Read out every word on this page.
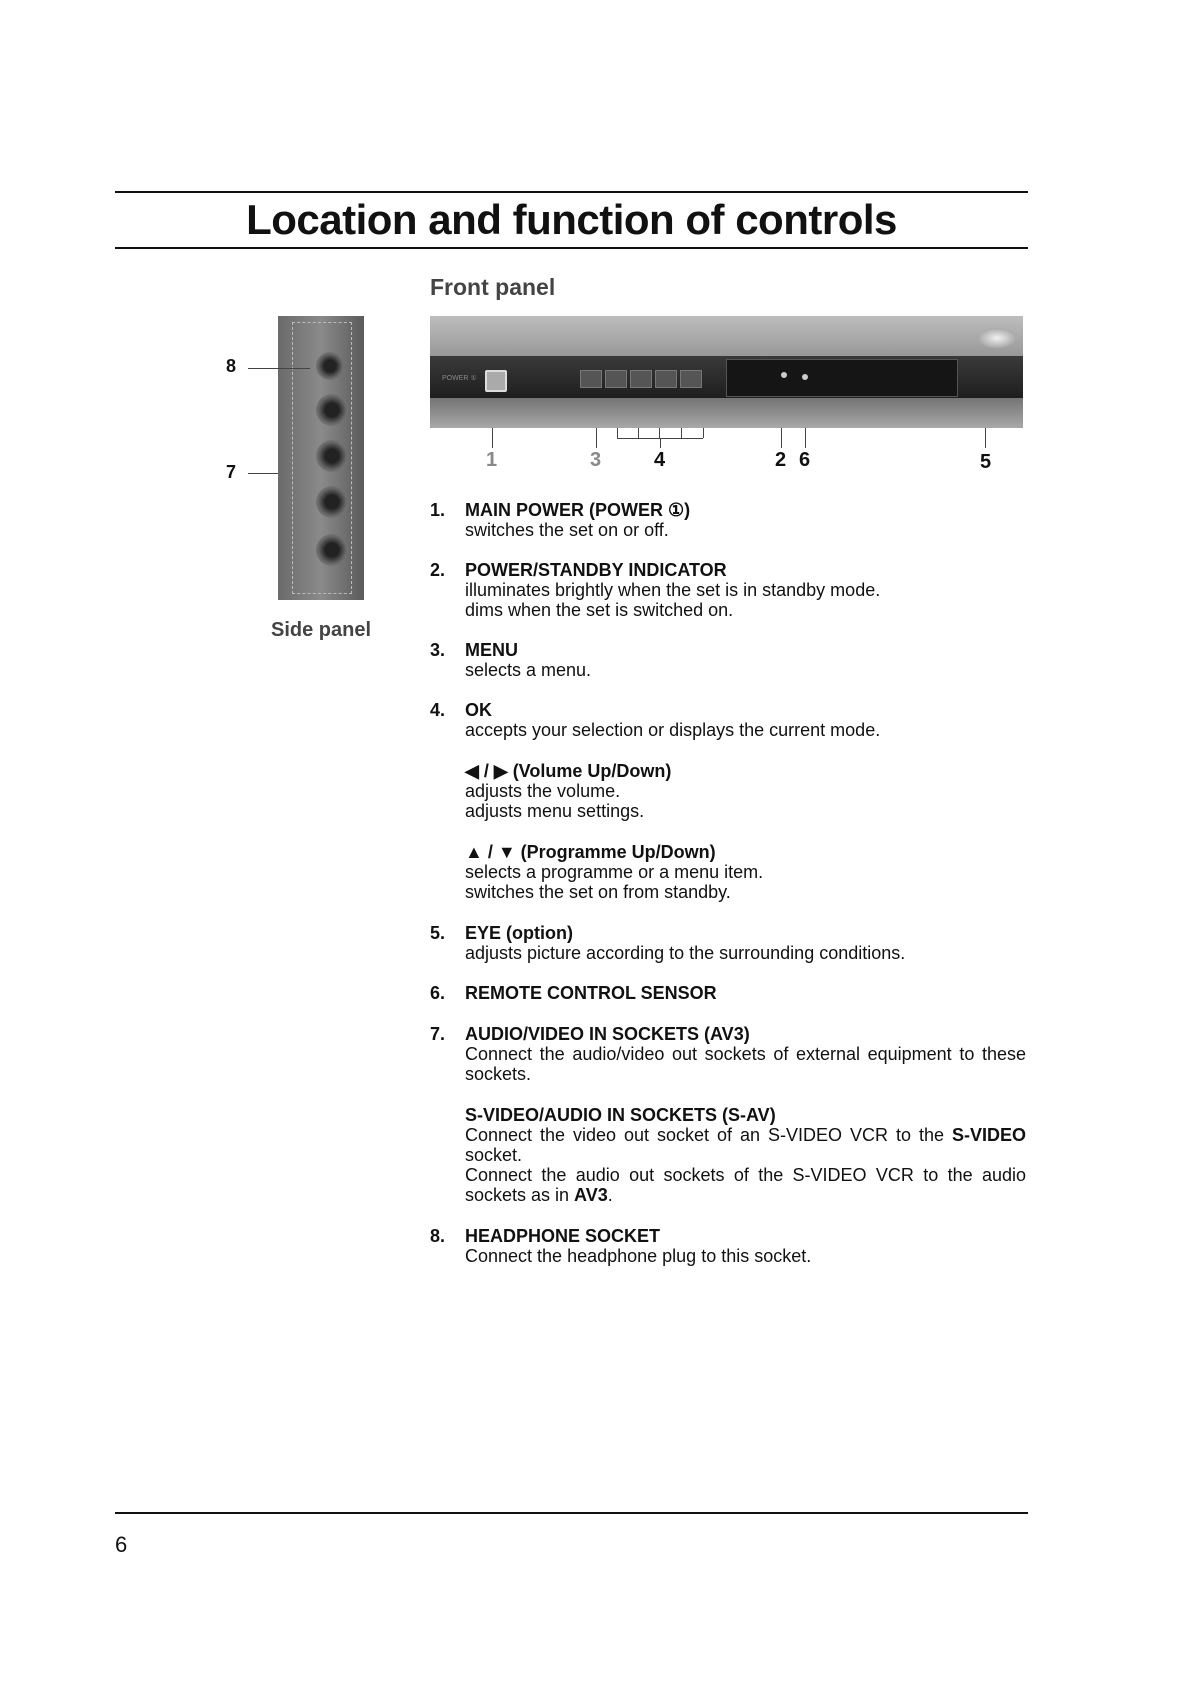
Location and function of controls
Front panel
POWER ①
1	3	4	2 6	5
8
7
Side panel
1. MAIN POWER (POWER ①)
switches the set on or off.
2. POWER/STANDBY INDICATOR
illuminates brightly when the set is in standby mode.
dims when the set is switched on.
3. MENU
selects a menu.
4. OK
accepts your selection or displays the current mode.
◀ / ▶ (Volume Up/Down)
adjusts the volume.
adjusts menu settings.
▲ / ▼ (Programme Up/Down)
selects a programme or a menu item.
switches the set on from standby.
5. EYE (option)
adjusts picture according to the surrounding conditions.
6. REMOTE CONTROL SENSOR
7. AUDIO/VIDEO IN SOCKETS (AV3)
Connect the audio/video out sockets of external equipment to these sockets.
S-VIDEO/AUDIO IN SOCKETS (S-AV)
Connect the video out socket of an S-VIDEO VCR to the S-VIDEO socket.
Connect the audio out sockets of the S-VIDEO VCR to the audio sockets as in AV3.
8. HEADPHONE SOCKET
Connect the headphone plug to this socket.
6
